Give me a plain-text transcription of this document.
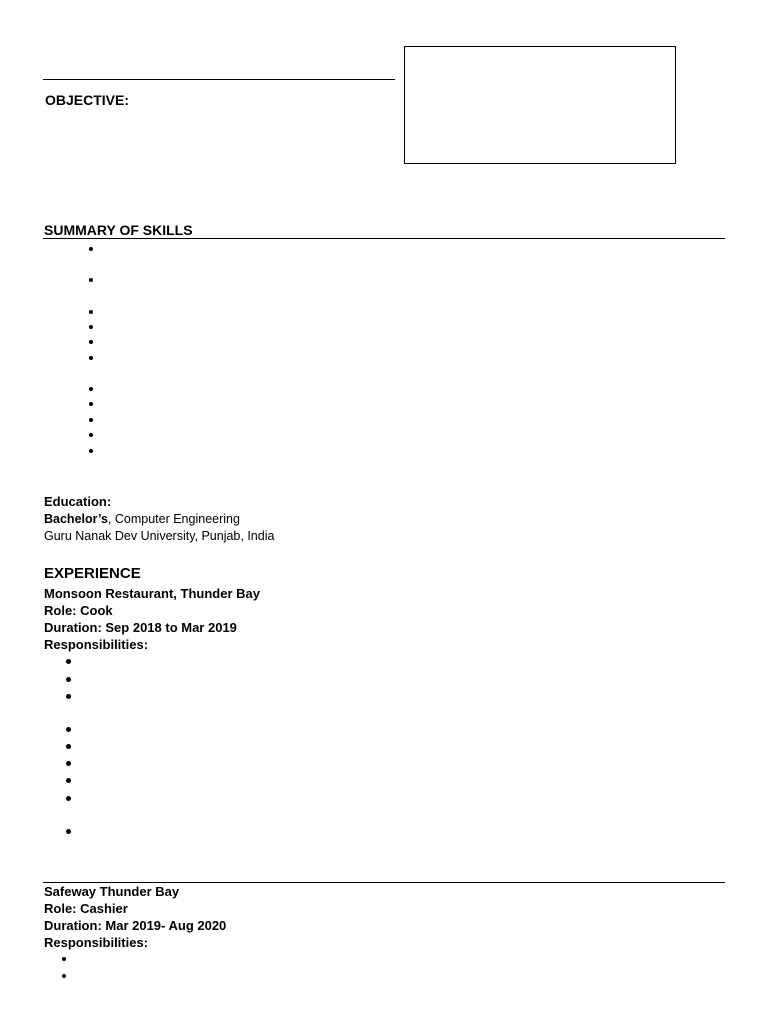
OBJECTIVE:
SUMMARY OF SKILLS
Education:
Bachelor’s, Computer Engineering
Guru Nanak Dev University, Punjab, India
EXPERIENCE
Monsoon Restaurant, Thunder Bay
Role: Cook
Duration: Sep 2018 to Mar 2019
Responsibilities:
Safeway Thunder Bay
Role: Cashier
Duration: Mar 2019- Aug 2020
Responsibilities:
